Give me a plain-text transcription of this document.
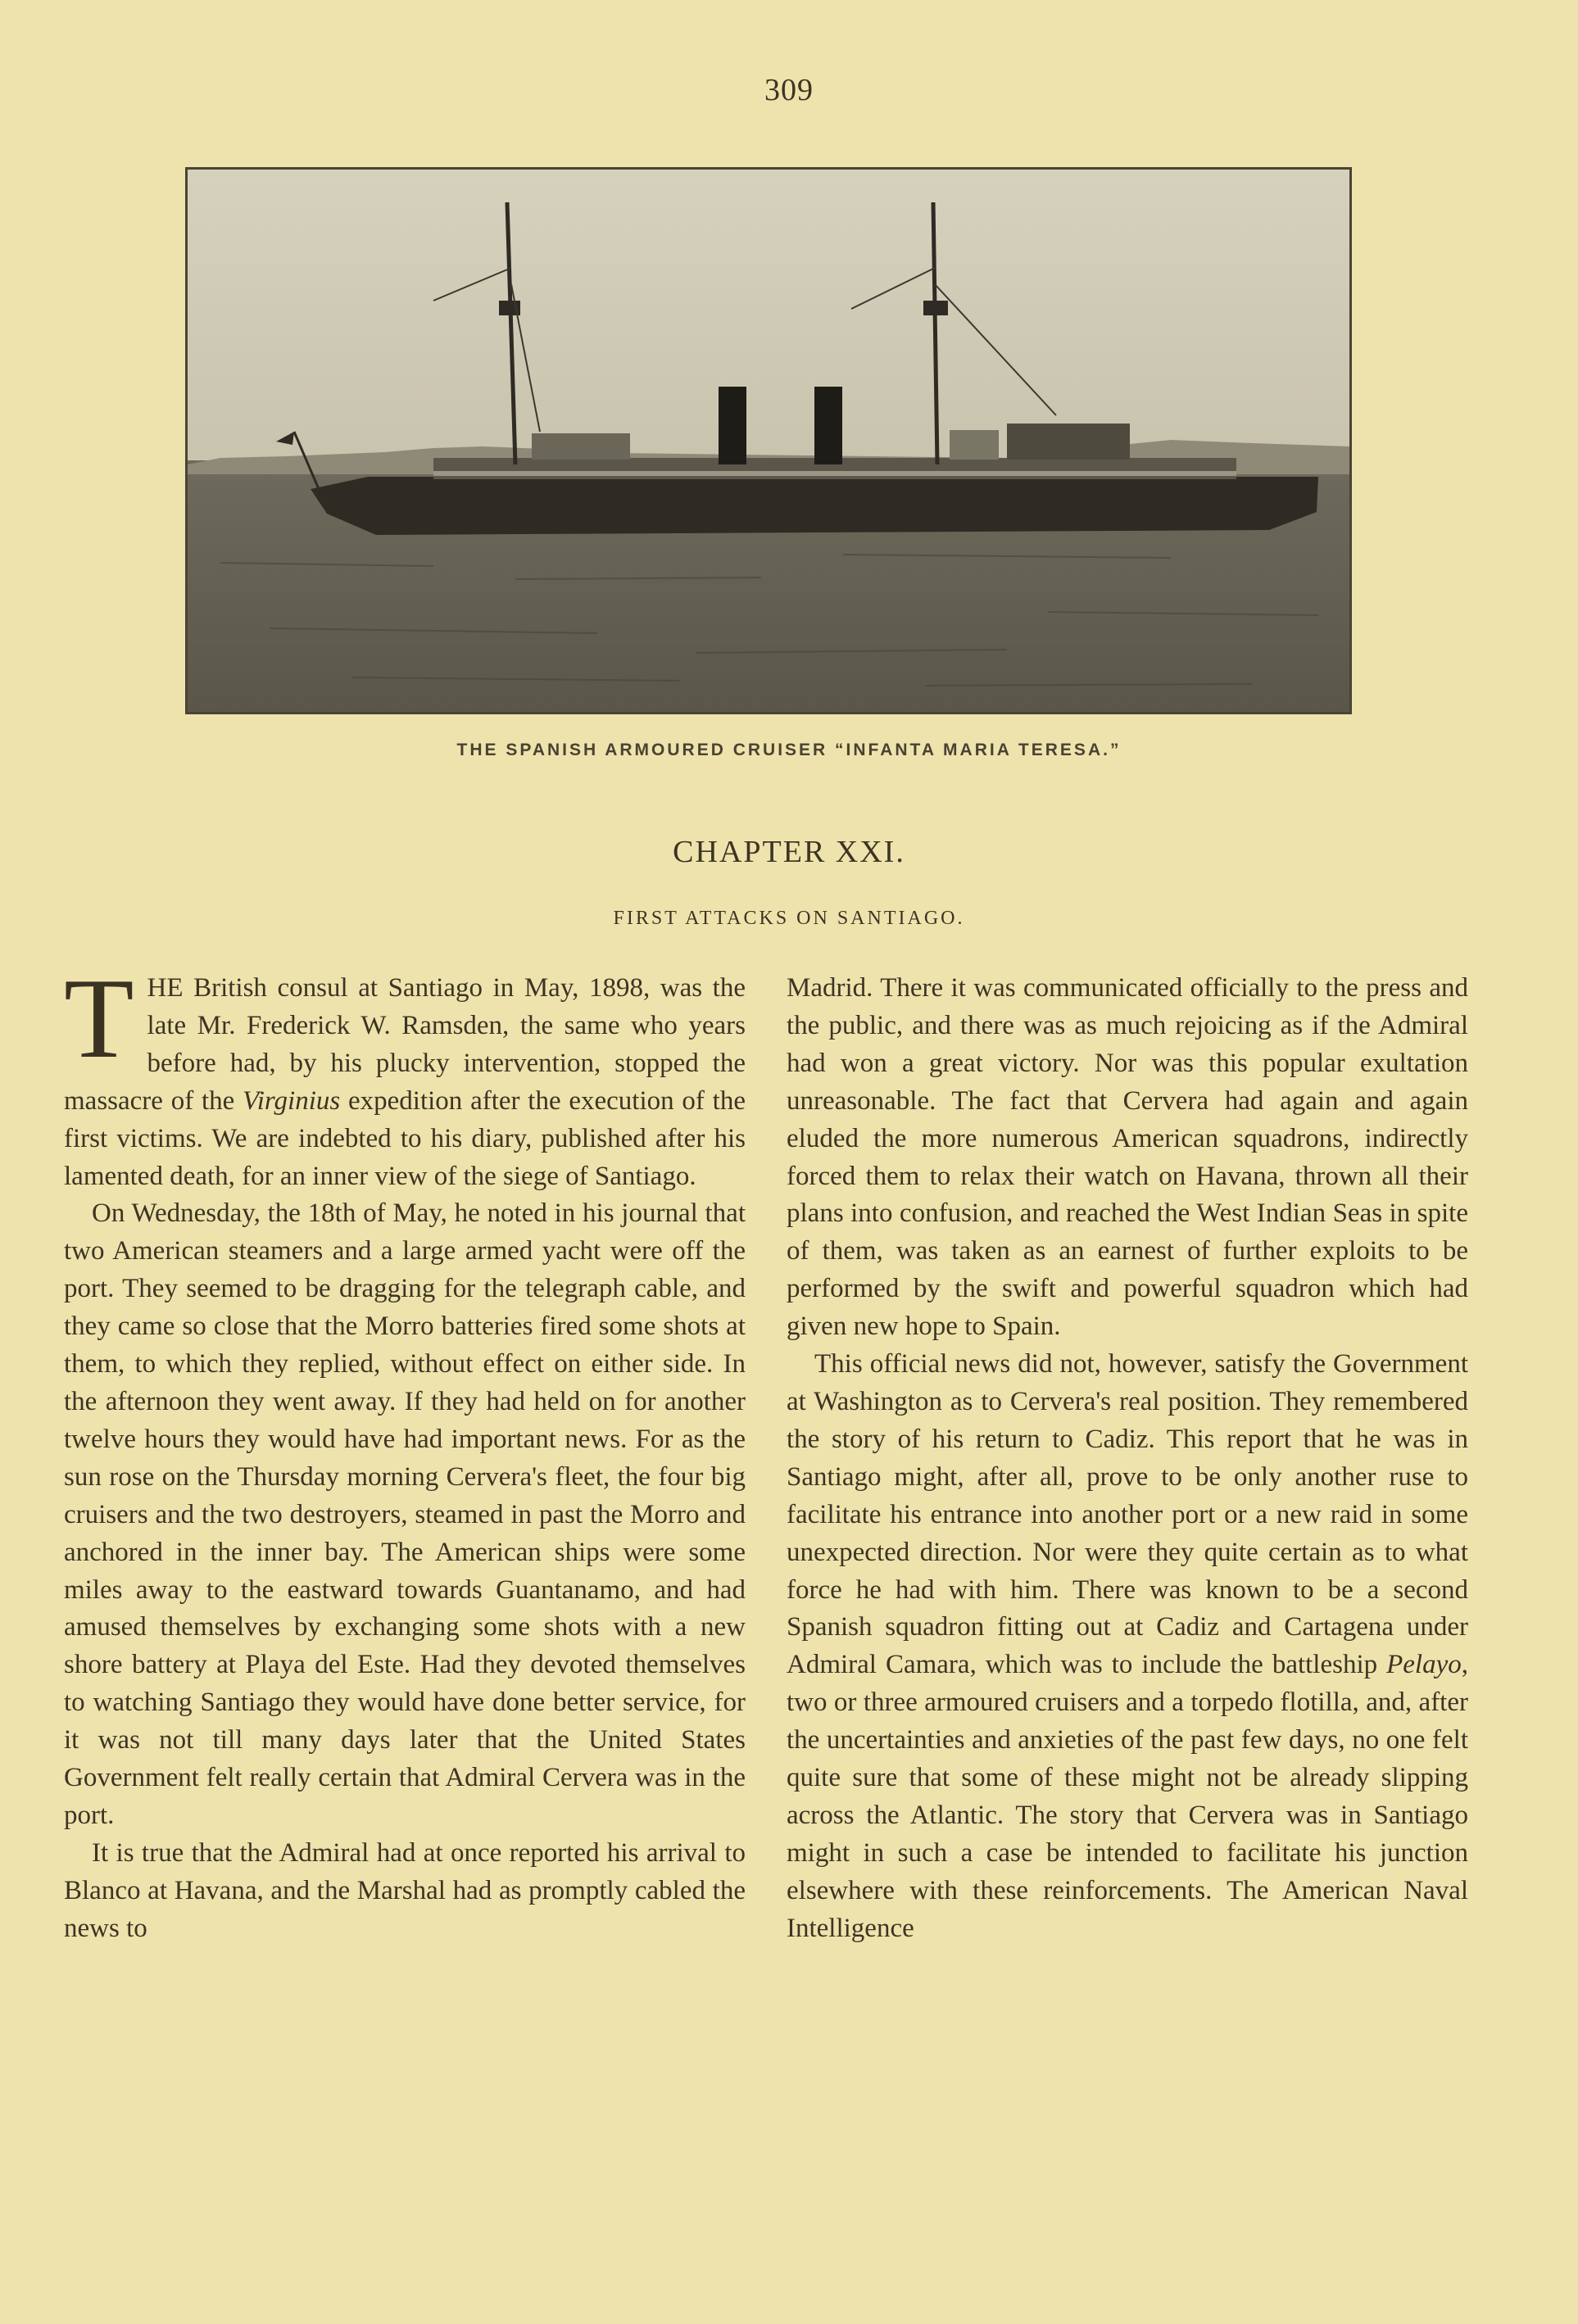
309
THE SPANISH ARMOURED CRUISER “INFANTA MARIA TERESA.”
CHAPTER XXI.
FIRST ATTACKS ON SANTIAGO.

THE British consul at Santiago in May, 1898, was the late Mr. Frederick W. Ramsden, the same who years before had, by his plucky intervention, stopped the massacre of the Virginius expedition after the execution of the first victims. We are indebted to his diary, published after his lamented death, for an inner view of the siege of Santiago.

On Wednesday, the 18th of May, he noted in his journal that two American steamers and a large armed yacht were off the port. They seemed to be dragging for the telegraph cable, and they came so close that the Morro batteries fired some shots at them, to which they replied, without effect on either side. In the afternoon they went away. If they had held on for another twelve hours they would have had important news. For as the sun rose on the Thursday morning Cervera's fleet, the four big cruisers and the two destroyers, steamed in past the Morro and anchored in the inner bay. The American ships were some miles away to the eastward towards Guantanamo, and had amused themselves by exchanging some shots with a new shore battery at Playa del Este. Had they devoted themselves to watching Santiago they would have done better service, for it was not till many days later that the United States Government felt really certain that Admiral Cervera was in the port.

It is true that the Admiral had at once reported his arrival to Blanco at Havana, and the Marshal had as promptly cabled the news to

Madrid. There it was communicated officially to the press and the public, and there was as much rejoicing as if the Admiral had won a great victory. Nor was this popular exultation unreasonable. The fact that Cervera had again and again eluded the more numerous American squadrons, indirectly forced them to relax their watch on Havana, thrown all their plans into confusion, and reached the West Indian Seas in spite of them, was taken as an earnest of further exploits to be performed by the swift and powerful squadron which had given new hope to Spain.

This official news did not, however, satisfy the Government at Washington as to Cervera's real position. They remembered the story of his return to Cadiz. This report that he was in Santiago might, after all, prove to be only another ruse to facilitate his entrance into another port or a new raid in some unexpected direction. Nor were they quite certain as to what force he had with him. There was known to be a second Spanish squadron fitting out at Cadiz and Cartagena under Admiral Camara, which was to include the battleship Pelayo, two or three armoured cruisers and a torpedo flotilla, and, after the uncertainties and anxieties of the past few days, no one felt quite sure that some of these might not be already slipping across the Atlantic. The story that Cervera was in Santiago might in such a case be intended to facilitate his junction elsewhere with these reinforcements. The American Naval Intelligence
